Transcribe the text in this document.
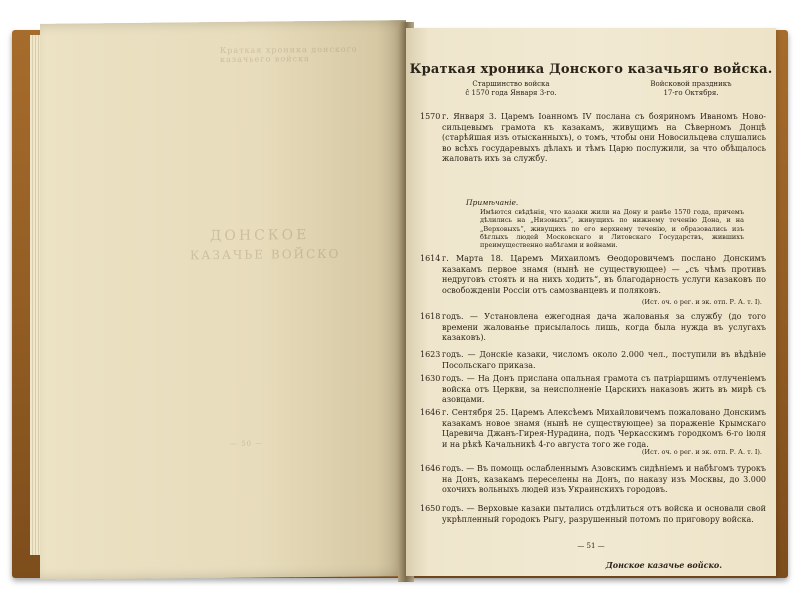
Краткая хроника донского казачьего войска
ДОНСКОЕ
КАЗАЧЬЕ ВОЙСКО
— 50 —
Краткая хроника Донского казачьяго войска.
Старшинство войска
с̂ 1570 года Января 3-го.
Войсковой праздникъ
17-го Октября.
1570 г. Января 3. Царемъ Іоанномъ IV послана съ бояриномъ Иваномъ Ново-сильцевымъ грамота къ казакамъ, живущимъ на Сѣверномъ Донцѣ (старѣйшая изъ отысканныхъ), о томъ, чтобы они Новосильцева слушались во всѣхъ государевыхъ дѣлахъ и тѣмъ Царю послужили, за что обѣщалось жаловать ихъ за службу.
Примѣчаніе.
Имѣются свѣдѣнія, что казаки жили на Дону и ранѣе 1570 года, причемъ дѣлились на „Низовыхъ“, живущихъ по нижнему теченію Дона, и на „Верховыхъ“, живущихъ по его верхнему теченію, и образовались изъ бѣглыхъ людей Московскаго и Литовскаго Государствъ, жившихъ преимущественно набѣгами и войнами.
1614 г. Марта 18. Царемъ Михаиломъ Өеодоровичемъ послано Донскимъ казакамъ первое знамя (нынѣ не существующее) — „съ чѣмъ противъ недруговъ стоять и на нихъ ходить“, въ благодарность услуги казаковъ по освобожденіи Россіи отъ самозванцевъ и поляковъ.
(Ист. оч. о рег. и эк. отп. Р. А. т. I).
1618 годъ. — Установлена ежегодная дача жалованья за службу (до того времени жалованье присылалось лишь, когда была нужда въ услугахъ казаковъ).
1623 годъ. — Донскіе казаки, числомъ около 2.000 чел., поступили въ вѣдѣніе Посольскаго приказа.
1630 годъ. — На Донъ прислана опальная грамота съ патріаршимъ отлученіемъ войска отъ Церкви, за неисполненіе Царскихъ наказовъ жить въ мирѣ съ азовцами.
1646 г. Сентября 25. Царемъ Алексѣемъ Михайловичемъ пожаловано Донскимъ казакамъ новое знамя (нынѣ не существующее) за пораженіе Крымскаго Царевича Джанъ-Гирея-Нурадина, подъ Черкасскимъ городкомъ 6-го іюля и на рѣкѣ Качальникѣ 4-го августа того же года.
(Ист. оч. о рег. и эк. отп. Р. А. т. I).
1646 годъ. — Въ помощь ослабленнымъ Азовскимъ сидѣніемъ и набѣгомъ турокъ на Донъ, казакамъ переселены на Донъ, по наказу изъ Москвы, до 3.000 охочихъ вольныхъ людей изъ Украинскихъ городовъ.
1650 годъ. — Верховые казаки пытались отдѣлиться отъ войска и основали свой укрѣпленный городокъ Рыгу, разрушенный потомъ по приговору войска.
— 51 —
Донское казачье войско.
